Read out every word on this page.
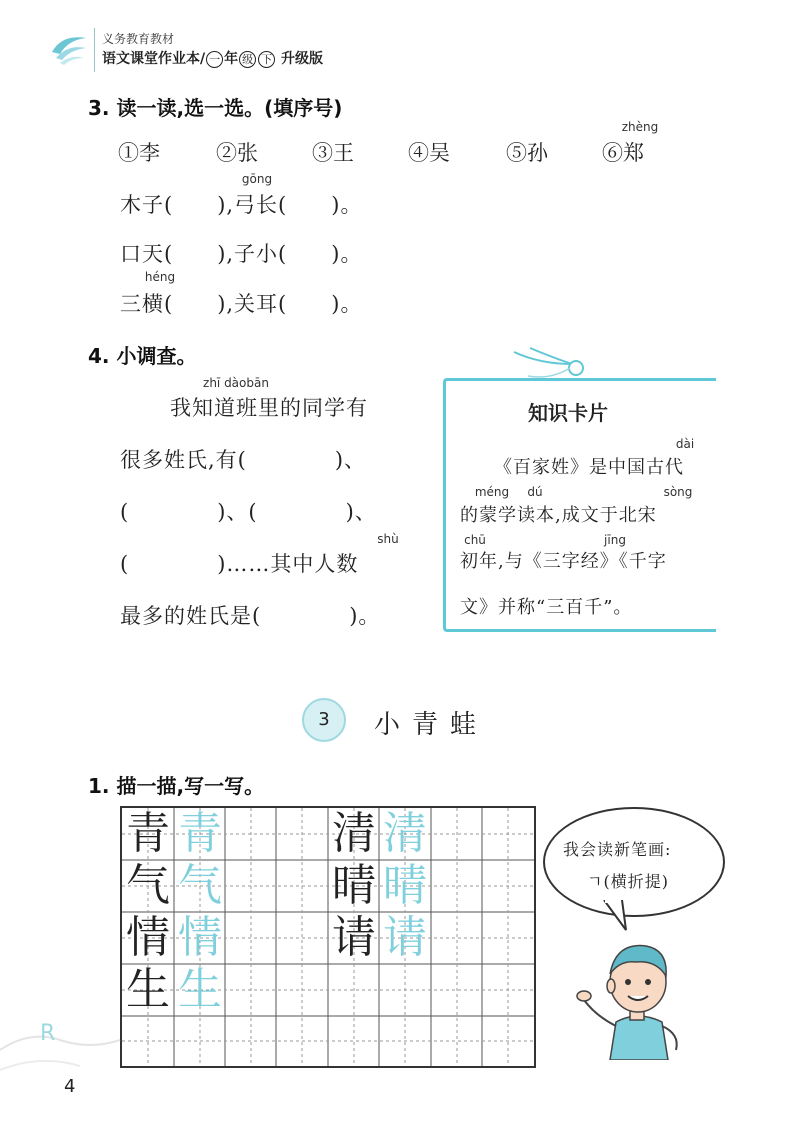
义务教育教材
语文课堂作业本/ 一 年 级 下 升级版
3. 读一读,选一选。(填序号)
zhèng
①李	②张	③王	④吴	⑤孙	⑥郑
gōng
木子(　　),弓长(　　)。
口天(　　),子小(　　)。
héng
三横(　　),关耳(　　)。
4. 小调查。
zhī dàobān
我知道班里的同学有
很多姓氏,有(　　　　)、
(　　　　)、(　　　　)、
shù
(　　　　)……其中人数
最多的姓氏是(　　　　)。
知识卡片
dài
《百家姓》是中国古代
méng	dú	sòng
的蒙学读本,成文于北宋
chū	jīng
初年,与《三字经》《千字
文》并称“三百千”。
3	小青蛙
1. 描一描,写一写。
青 青
气 气
情 情
生 生
清 清
晴 晴
请 请
我会读新笔画:
ㄱ(横折提)
R
4
